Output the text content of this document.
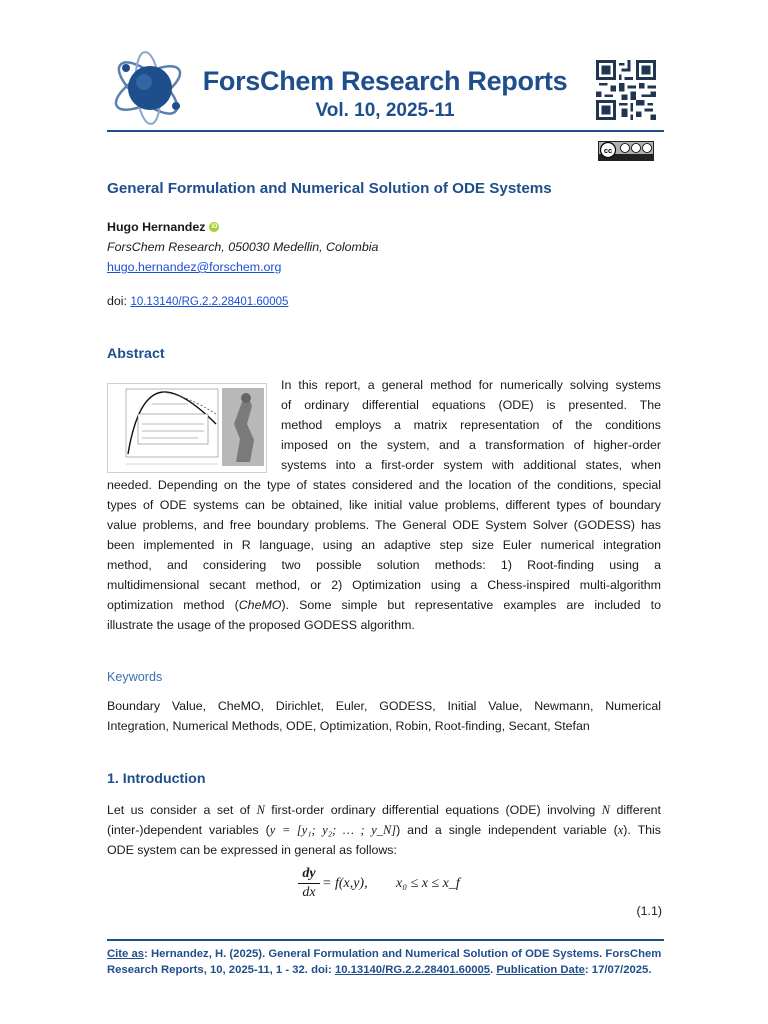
ForsChem Research Reports
Vol. 10, 2025-11
cc
General Formulation and Numerical Solution of ODE Systems
Hugo Hernandez	iD
ForsChem Research, 050030 Medellin, Colombia
hugo.hernandez@forschem.org
doi: 10.13140/RG.2.2.28401.60005
Abstract
In this report, a general method for numerically solving systems
of ordinary differential equations (ODE) is presented. The
method employs a matrix representation of the conditions
imposed on the system, and a transformation of higher-order
systems into a first-order system with additional states, when
needed. Depending on the type of states considered and the location of the conditions, special
types of ODE systems can be obtained, like initial value problems, different types of boundary
value problems, and free boundary problems. The General ODE System Solver (GODESS) has
been implemented in R language, using an adaptive step size Euler numerical integration
method, and considering two possible solution methods: 1) Root-finding using a
multidimensional secant method, or 2) Optimization using a Chess-inspired multi-algorithm
optimization method (CheMO). Some simple but representative examples are included to
illustrate the usage of the proposed GODESS algorithm.
Keywords
Boundary Value, CheMO, Dirichlet, Euler, GODESS, Initial Value, Newmann, Numerical
Integration, Numerical Methods, ODE, Optimization, Robin, Root-finding, Secant, Stefan
1. Introduction
Let us consider a set of N first-order ordinary differential equations (ODE) involving N different
(inter-)dependent variables (y = [y₁; y₂; … ; y_N]) and a single independent variable (x). This
ODE system can be expressed in general as follows:
dy
dx
= f(x,y), x₀ ≤ x ≤ x_f
(1.1)
Cite as: Hernandez, H. (2025). General Formulation and Numerical Solution of ODE Systems. ForsChem
Research Reports, 10, 2025-11, 1 - 32. doi: 10.13140/RG.2.2.28401.60005. Publication Date: 17/07/2025.
